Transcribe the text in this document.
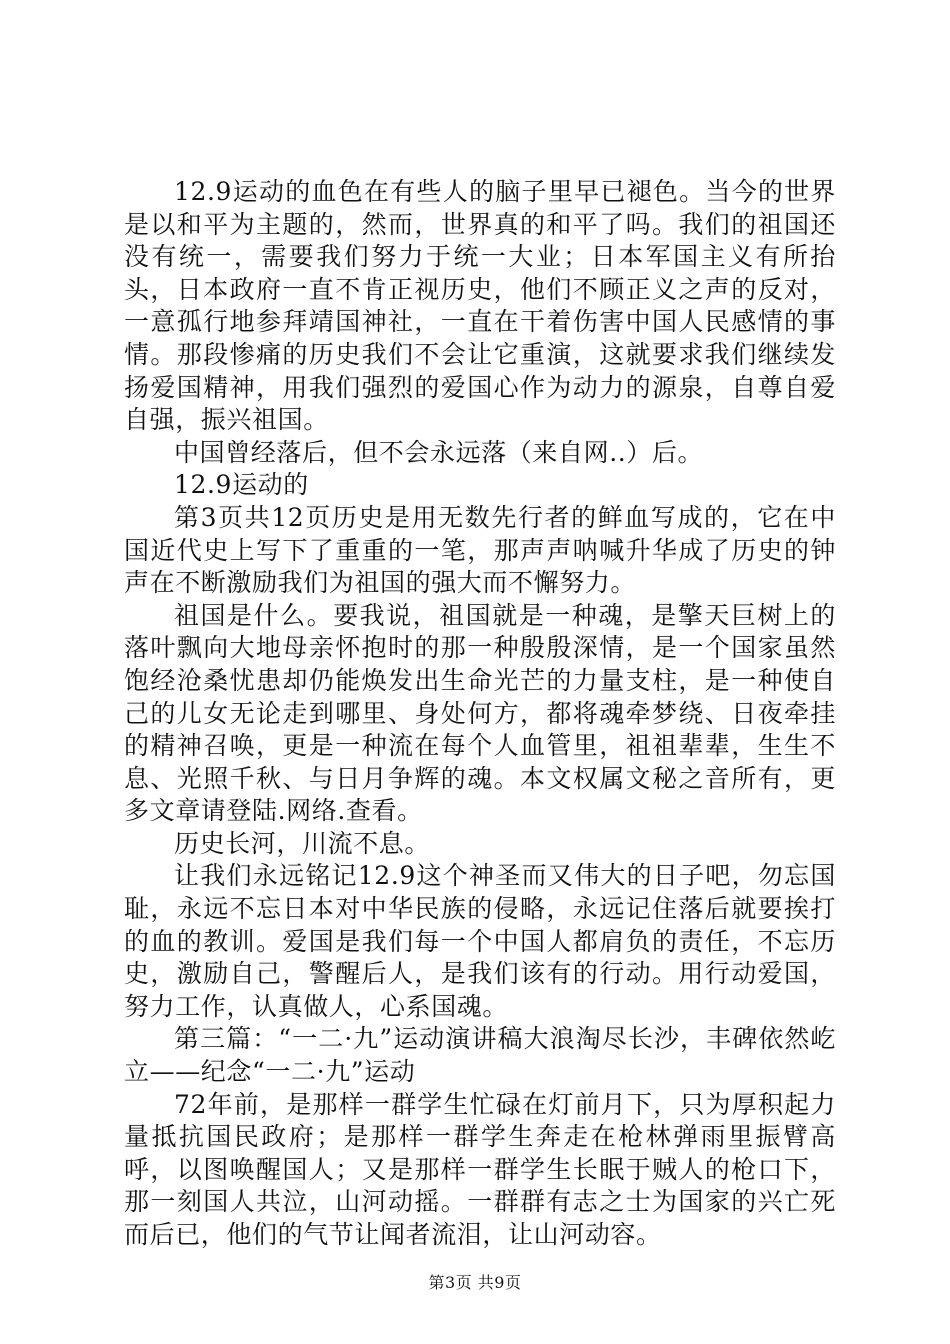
12.9运动的血色在有些人的脑子里早已褪色。当今的世界是以和平为主题的，然而，世界真的和平了吗。我们的祖国还没有统一，需要我们努力于统一大业；日本军国主义有所抬头，日本政府一直不肯正视历史，他们不顾正义之声的反对，一意孤行地参拜靖国神社，一直在干着伤害中国人民感情的事情。那段惨痛的历史我们不会让它重演，这就要求我们继续发扬爱国精神，用我们强烈的爱国心作为动力的源泉，自尊自爱自强，振兴祖国。

中国曾经落后，但不会永远落（来自网..）后。

12.9运动的

第3页共12页历史是用无数先行者的鲜血写成的，它在中国近代史上写下了重重的一笔，那声声呐喊升华成了历史的钟声在不断激励我们为祖国的强大而不懈努力。

祖国是什么。要我说，祖国就是一种魂，是擎天巨树上的落叶飘向大地母亲怀抱时的那一种殷殷深情，是一个国家虽然饱经沧桑忧患却仍能焕发出生命光芒的力量支柱，是一种使自己的儿女无论走到哪里、身处何方，都将魂牵梦绕、日夜牵挂的精神召唤，更是一种流在每个人血管里，祖祖辈辈，生生不息、光照千秋、与日月争辉的魂。本文权属文秘之音所有，更多文章请登陆.网络.查看。

历史长河，川流不息。

让我们永远铭记12.9这个神圣而又伟大的日子吧，勿忘国耻，永远不忘日本对中华民族的侵略，永远记住落后就要挨打的血的教训。爱国是我们每一个中国人都肩负的责任，不忘历史，激励自己，警醒后人，是我们该有的行动。用行动爱国，努力工作，认真做人，心系国魂。

第三篇：“一二·九”运动演讲稿大浪淘尽长沙，丰碑依然屹立——纪念“一二·九”运动

72年前，是那样一群学生忙碌在灯前月下，只为厚积起力量抵抗国民政府；是那样一群学生奔走在枪林弹雨里振臂高呼，以图唤醒国人；又是那样一群学生长眠于贼人的枪口下，那一刻国人共泣，山河动摇。一群群有志之士为国家的兴亡死而后已，他们的气节让闻者流泪，让山河动容。

第3页 共9页
